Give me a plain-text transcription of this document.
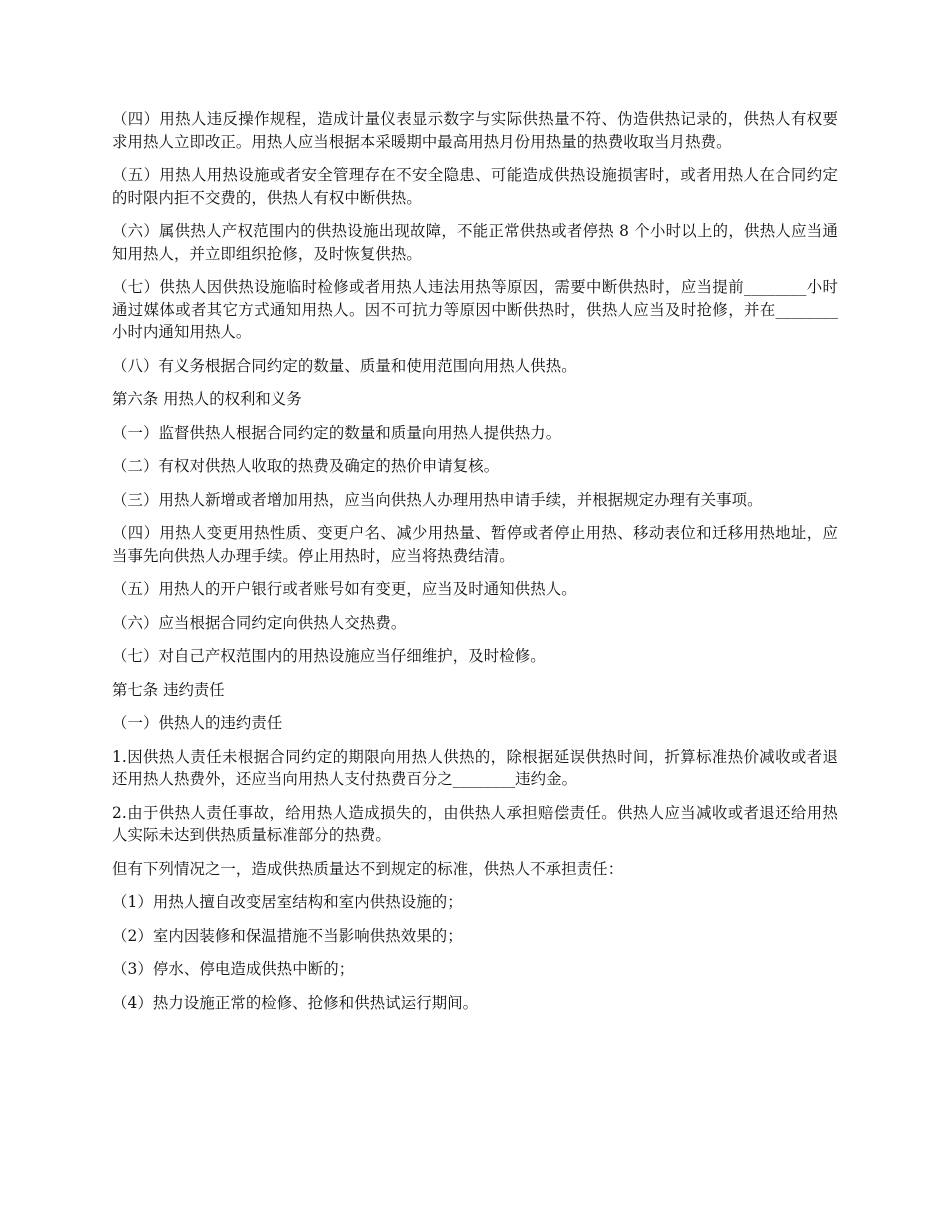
（四）用热人违反操作规程，造成计量仪表显示数字与实际供热量不符、伪造供热记录的，供热人有权要求用热人立即改正。用热人应当根据本采暖期中最高用热月份用热量的热费收取当月热费。

（五）用热人用热设施或者安全管理存在不安全隐患、可能造成供热设施损害时，或者用热人在合同约定的时限内拒不交费的，供热人有权中断供热。

（六）属供热人产权范围内的供热设施出现故障，不能正常供热或者停热 8 个小时以上的，供热人应当通知用热人，并立即组织抢修，及时恢复供热。

（七）供热人因供热设施临时检修或者用热人违法用热等原因，需要中断供热时，应当提前________小时通过媒体或者其它方式通知用热人。因不可抗力等原因中断供热时，供热人应当及时抢修，并在________小时内通知用热人。

（八）有义务根据合同约定的数量、质量和使用范围向用热人供热。

第六条 用热人的权利和义务

（一）监督供热人根据合同约定的数量和质量向用热人提供热力。

（二）有权对供热人收取的热费及确定的热价申请复核。

（三）用热人新增或者增加用热，应当向供热人办理用热申请手续，并根据规定办理有关事项。

（四）用热人变更用热性质、变更户名、减少用热量、暂停或者停止用热、移动表位和迁移用热地址，应当事先向供热人办理手续。停止用热时，应当将热费结清。

（五）用热人的开户银行或者账号如有变更，应当及时通知供热人。

（六）应当根据合同约定向供热人交热费。

（七）对自己产权范围内的用热设施应当仔细维护，及时检修。

第七条 违约责任

（一）供热人的违约责任

1.因供热人责任未根据合同约定的期限向用热人供热的，除根据延误供热时间，折算标准热价减收或者退还用热人热费外，还应当向用热人支付热费百分之________违约金。

2.由于供热人责任事故，给用热人造成损失的，由供热人承担赔偿责任。供热人应当减收或者退还给用热人实际未达到供热质量标准部分的热费。

但有下列情况之一，造成供热质量达不到规定的标准，供热人不承担责任：

（1）用热人擅自改变居室结构和室内供热设施的；

（2）室内因装修和保温措施不当影响供热效果的；

（3）停水、停电造成供热中断的；

（4）热力设施正常的检修、抢修和供热试运行期间。
